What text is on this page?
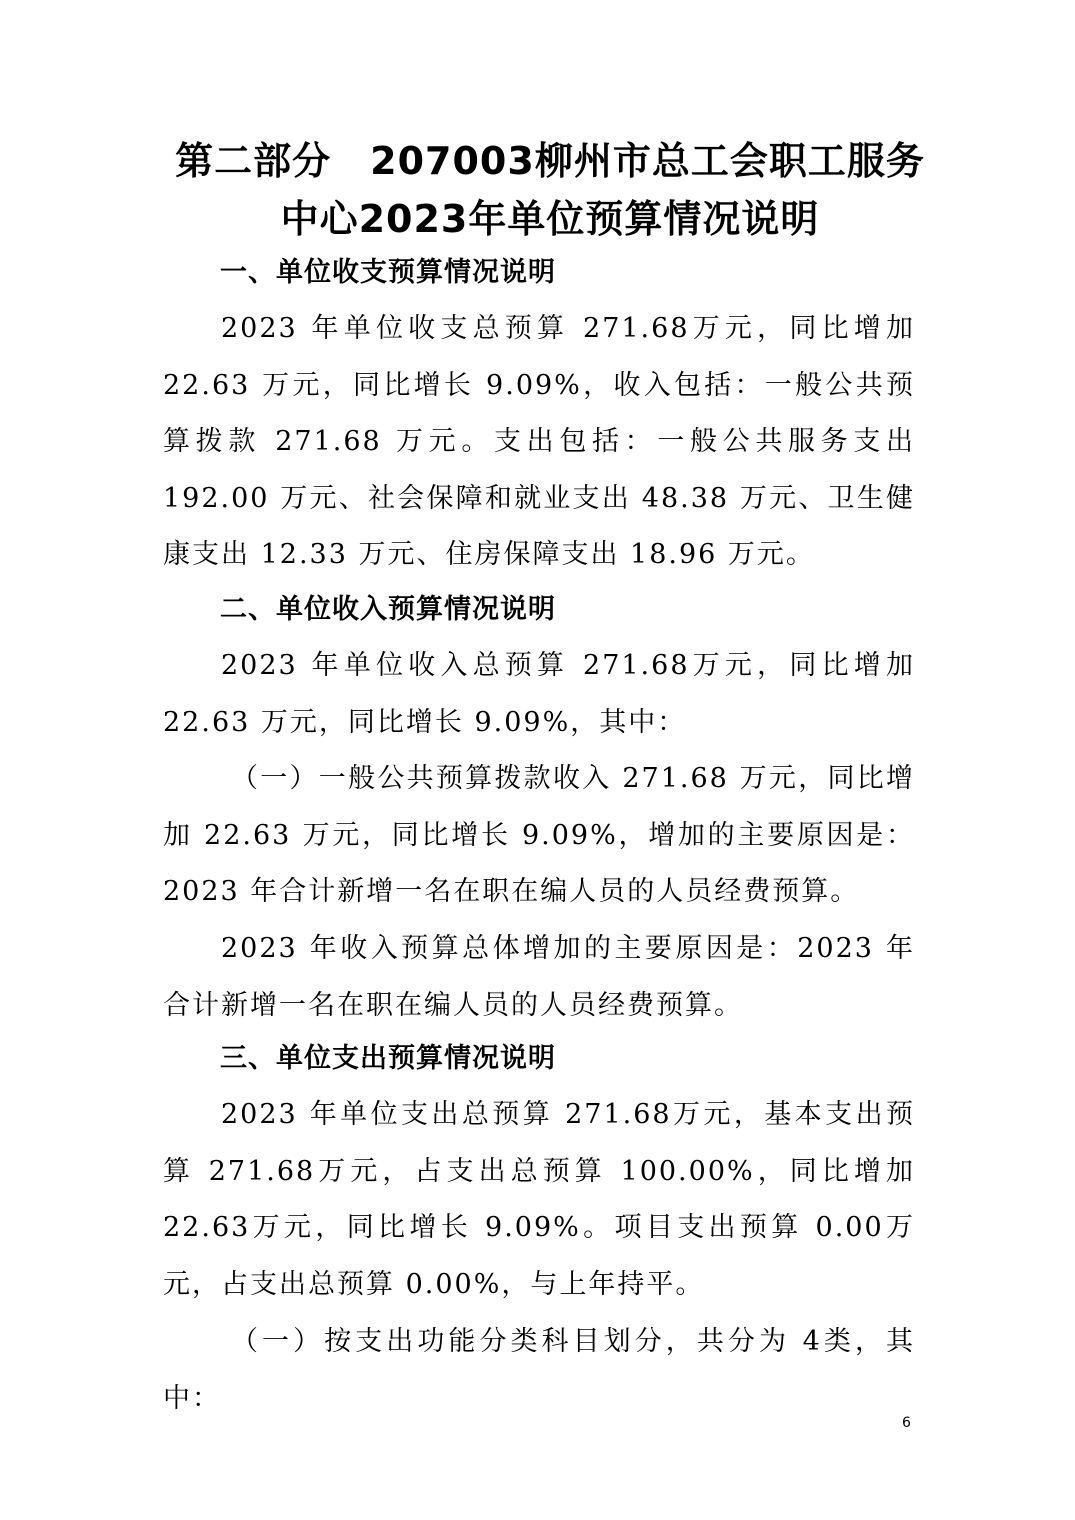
第二部分　207003柳州市总工会职工服务
中心2023年单位预算情况说明
一、单位收支预算情况说明
2023 年单位收支总预算 271.68万元，同比增加 22.63 万元，同比增长 9.09%，收入包括：一般公共预算拨款 271.68 万元。支出包括：一般公共服务支出 192.00 万元、社会保障和就业支出 48.38 万元、卫生健康支出 12.33 万元、住房保障支出 18.96 万元。
二、单位收入预算情况说明
2023 年单位收入总预算 271.68万元，同比增加 22.63 万元，同比增长 9.09%，其中：
（一）一般公共预算拨款收入 271.68 万元，同比增加 22.63 万元，同比增长 9.09%，增加的主要原因是：2023 年合计新增一名在职在编人员的人员经费预算。
2023 年收入预算总体增加的主要原因是：2023 年合计新增一名在职在编人员的人员经费预算。
三、单位支出预算情况说明
2023 年单位支出总预算 271.68万元，基本支出预算 271.68万元，占支出总预算 100.00%，同比增加 22.63万元，同比增长 9.09%。项目支出预算 0.00万元，占支出总预算 0.00%，与上年持平。
（一）按支出功能分类科目划分，共分为 4类，其中：
6
